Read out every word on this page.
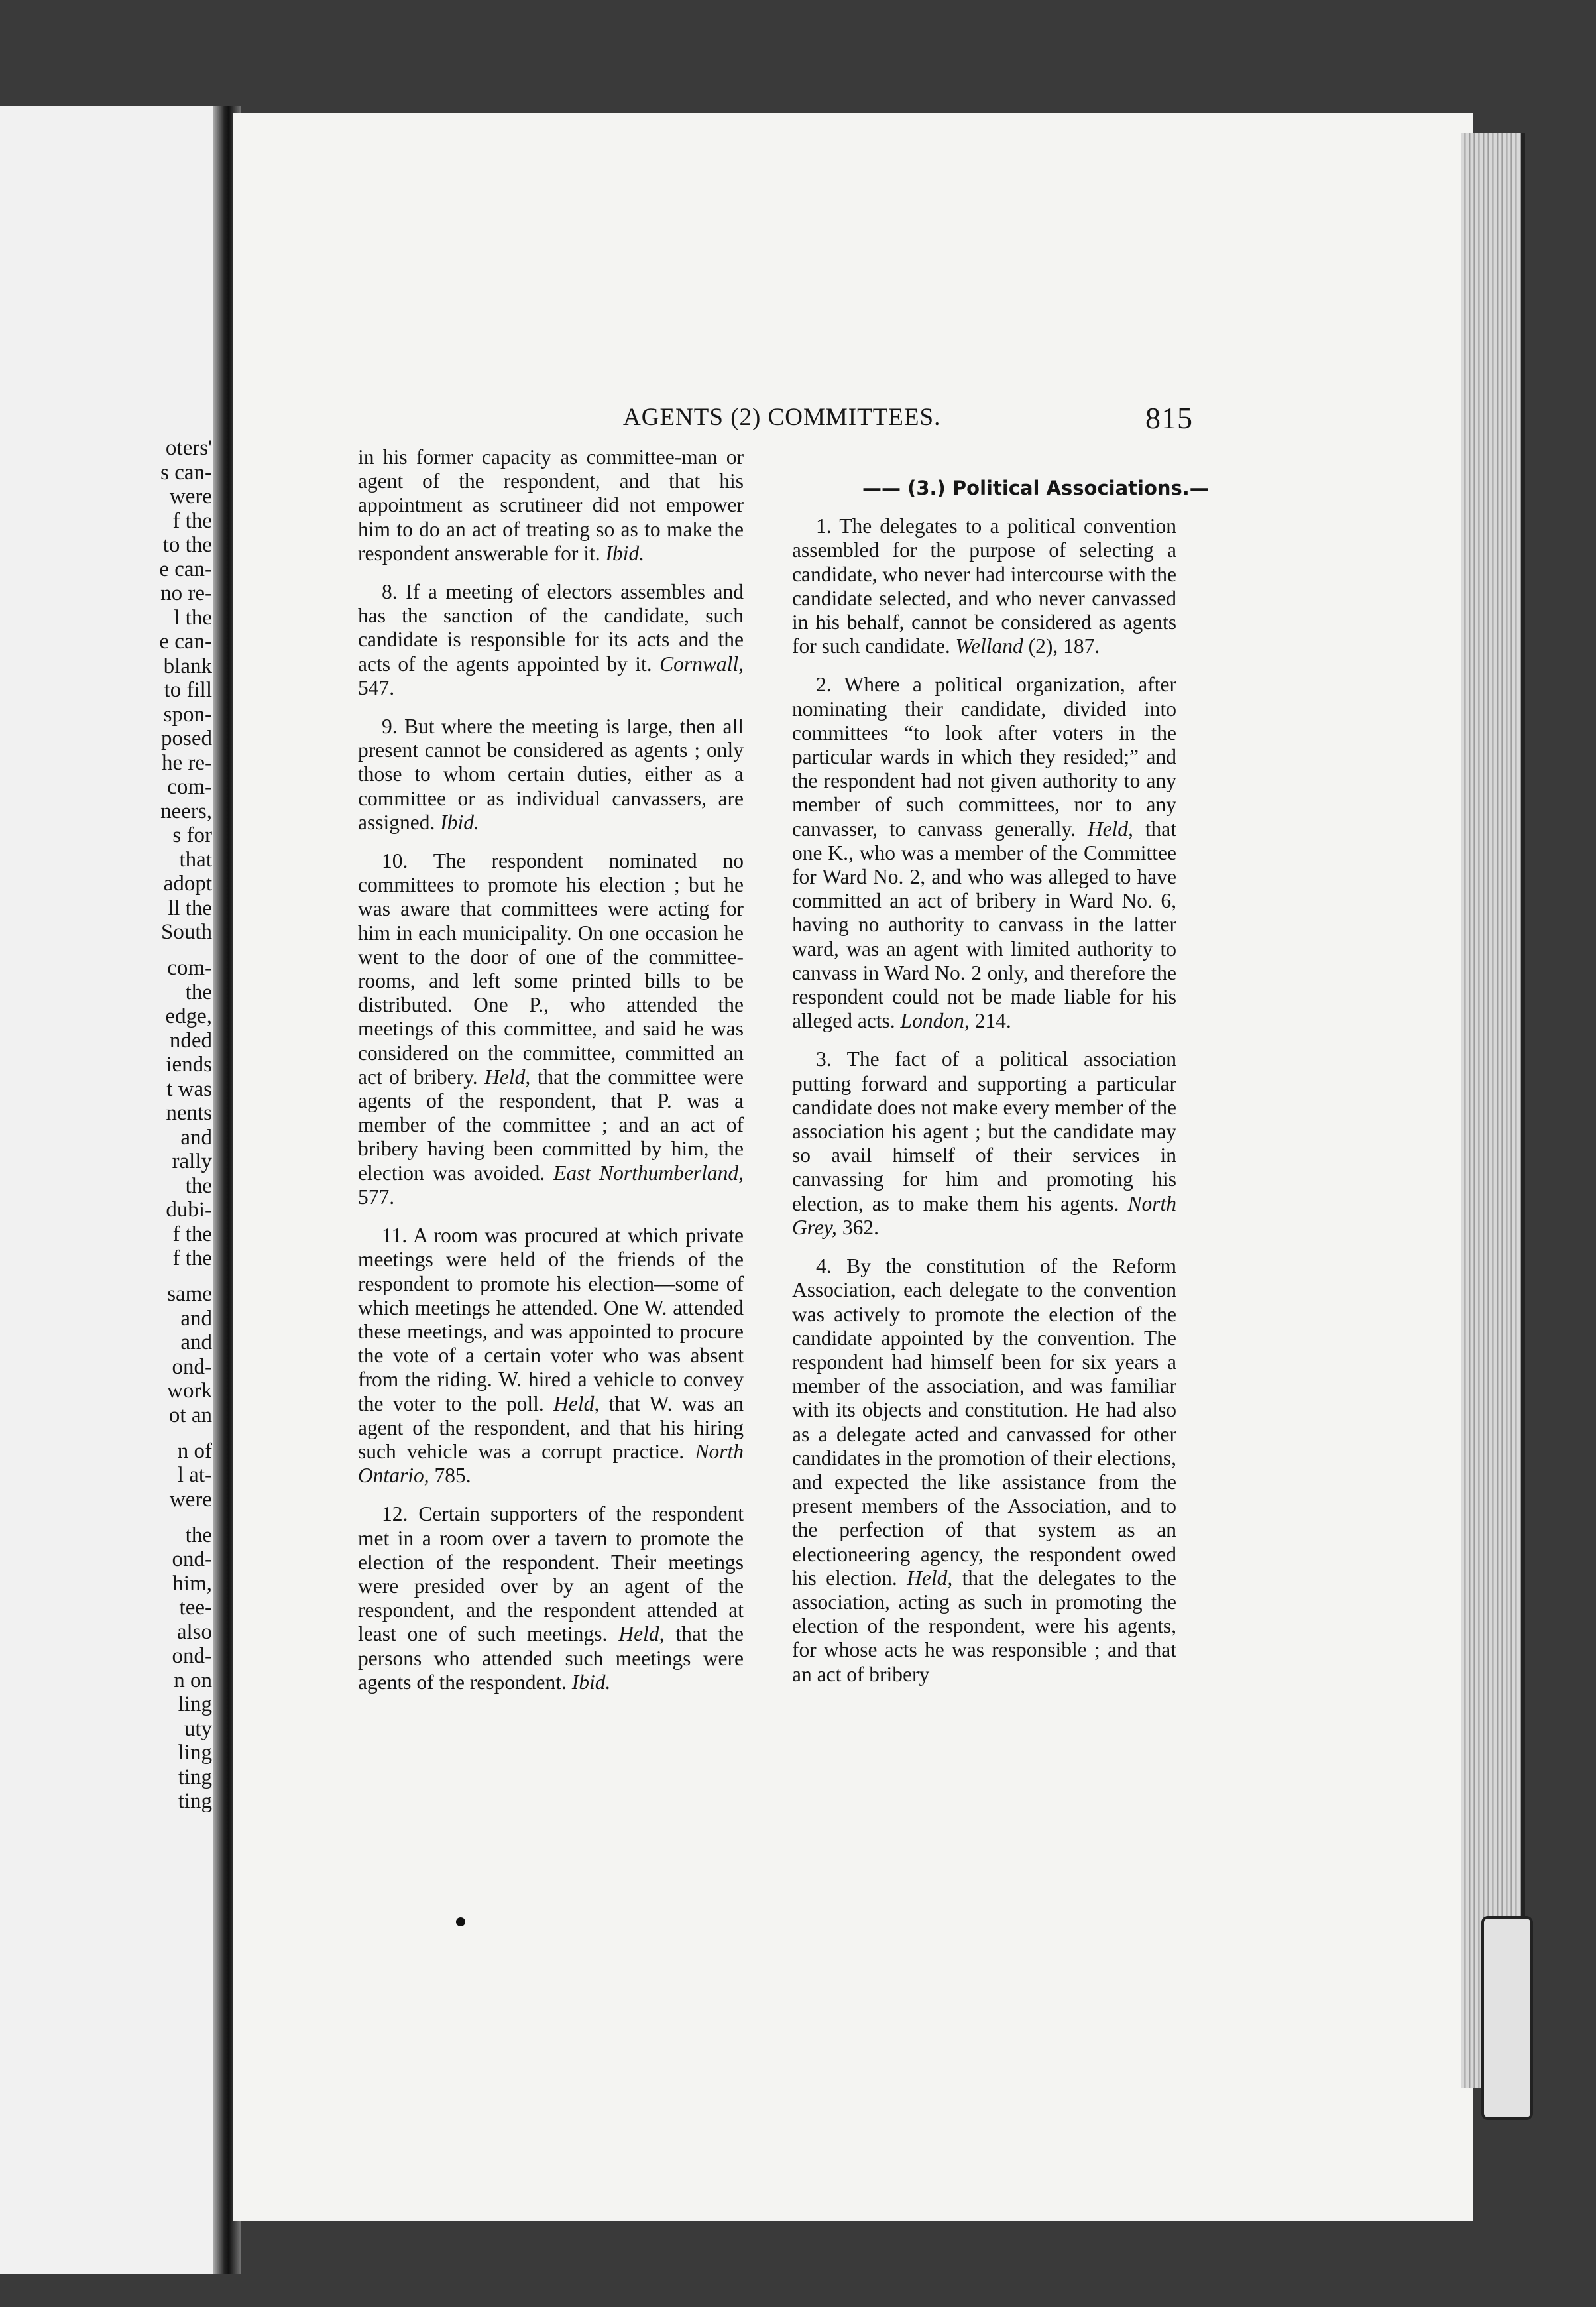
oters'
s can-
were
f the
to the
e can-
no re-
l the
e can-
blank
to fill
spon-
posed
he re-
com-
neers,
s for
that
adopt
ll the
South
com-
the
edge,
nded
iends
t was
nents
and
rally
the
dubi-
f the
f the
same
and
and
ond-
work
ot an
n of
l at-
were
the
ond-
him,
tee-
also
ond-
n on
ling
uty
ling
ting
ting
AGENTS (2) COMMITTEES.	815

in his former capacity as committee-man or agent of the respondent, and that his appointment as scrutineer did not empower him to do an act of treating so as to make the respondent answerable for it. Ibid.

8. If a meeting of electors assembles and has the sanction of the candidate, such candidate is responsible for its acts and the acts of the agents appointed by it. Cornwall, 547.

9. But where the meeting is large, then all present cannot be considered as agents ; only those to whom certain duties, either as a committee or as individual canvassers, are assigned. Ibid.

10. The respondent nominated no committees to promote his election ; but he was aware that committees were acting for him in each municipality. On one occasion he went to the door of one of the committee-rooms, and left some printed bills to be distributed. One P., who attended the meetings of this committee, and said he was considered on the committee, committed an act of bribery. Held, that the committee were agents of the respondent, that P. was a member of the committee ; and an act of bribery having been committed by him, the election was avoided. East Northumberland, 577.

11. A room was procured at which private meetings were held of the friends of the respondent to promote his election—some of which meetings he attended. One W. attended these meetings, and was appointed to procure the vote of a certain voter who was absent from the riding. W. hired a vehicle to convey the voter to the poll. Held, that W. was an agent of the respondent, and that his hiring such vehicle was a corrupt practice. North Ontario, 785.

12. Certain supporters of the respondent met in a room over a tavern to promote the election of the respondent. Their meetings were presided over by an agent of the respondent, and the respondent attended at least one of such meetings. Held, that the persons who attended such meetings were agents of the respondent. Ibid.

—— (3.) Political Associations.—

1. The delegates to a political convention assembled for the purpose of selecting a candidate, who never had intercourse with the candidate selected, and who never canvassed in his behalf, cannot be considered as agents for such candidate. Welland (2), 187.

2. Where a political organization, after nominating their candidate, divided into committees “to look after voters in the particular wards in which they resided;” and the respondent had not given authority to any member of such committees, nor to any canvasser, to canvass generally. Held, that one K., who was a member of the Committee for Ward No. 2, and who was alleged to have committed an act of bribery in Ward No. 6, having no authority to canvass in the latter ward, was an agent with limited authority to canvass in Ward No. 2 only, and therefore the respondent could not be made liable for his alleged acts. London, 214.

3. The fact of a political association putting forward and supporting a particular candidate does not make every member of the association his agent ; but the candidate may so avail himself of their services in canvassing for him and promoting his election, as to make them his agents. North Grey, 362.

4. By the constitution of the Reform Association, each delegate to the convention was actively to promote the election of the candidate appointed by the convention. The respondent had himself been for six years a member of the association, and was familiar with its objects and constitution. He had also as a delegate acted and canvassed for other candidates in the promotion of their elections, and expected the like assistance from the present members of the Association, and to the perfection of that system as an electioneering agency, the respondent owed his election. Held, that the delegates to the association, acting as such in promoting the election of the respondent, were his agents, for whose acts he was responsible ; and that an act of bribery
